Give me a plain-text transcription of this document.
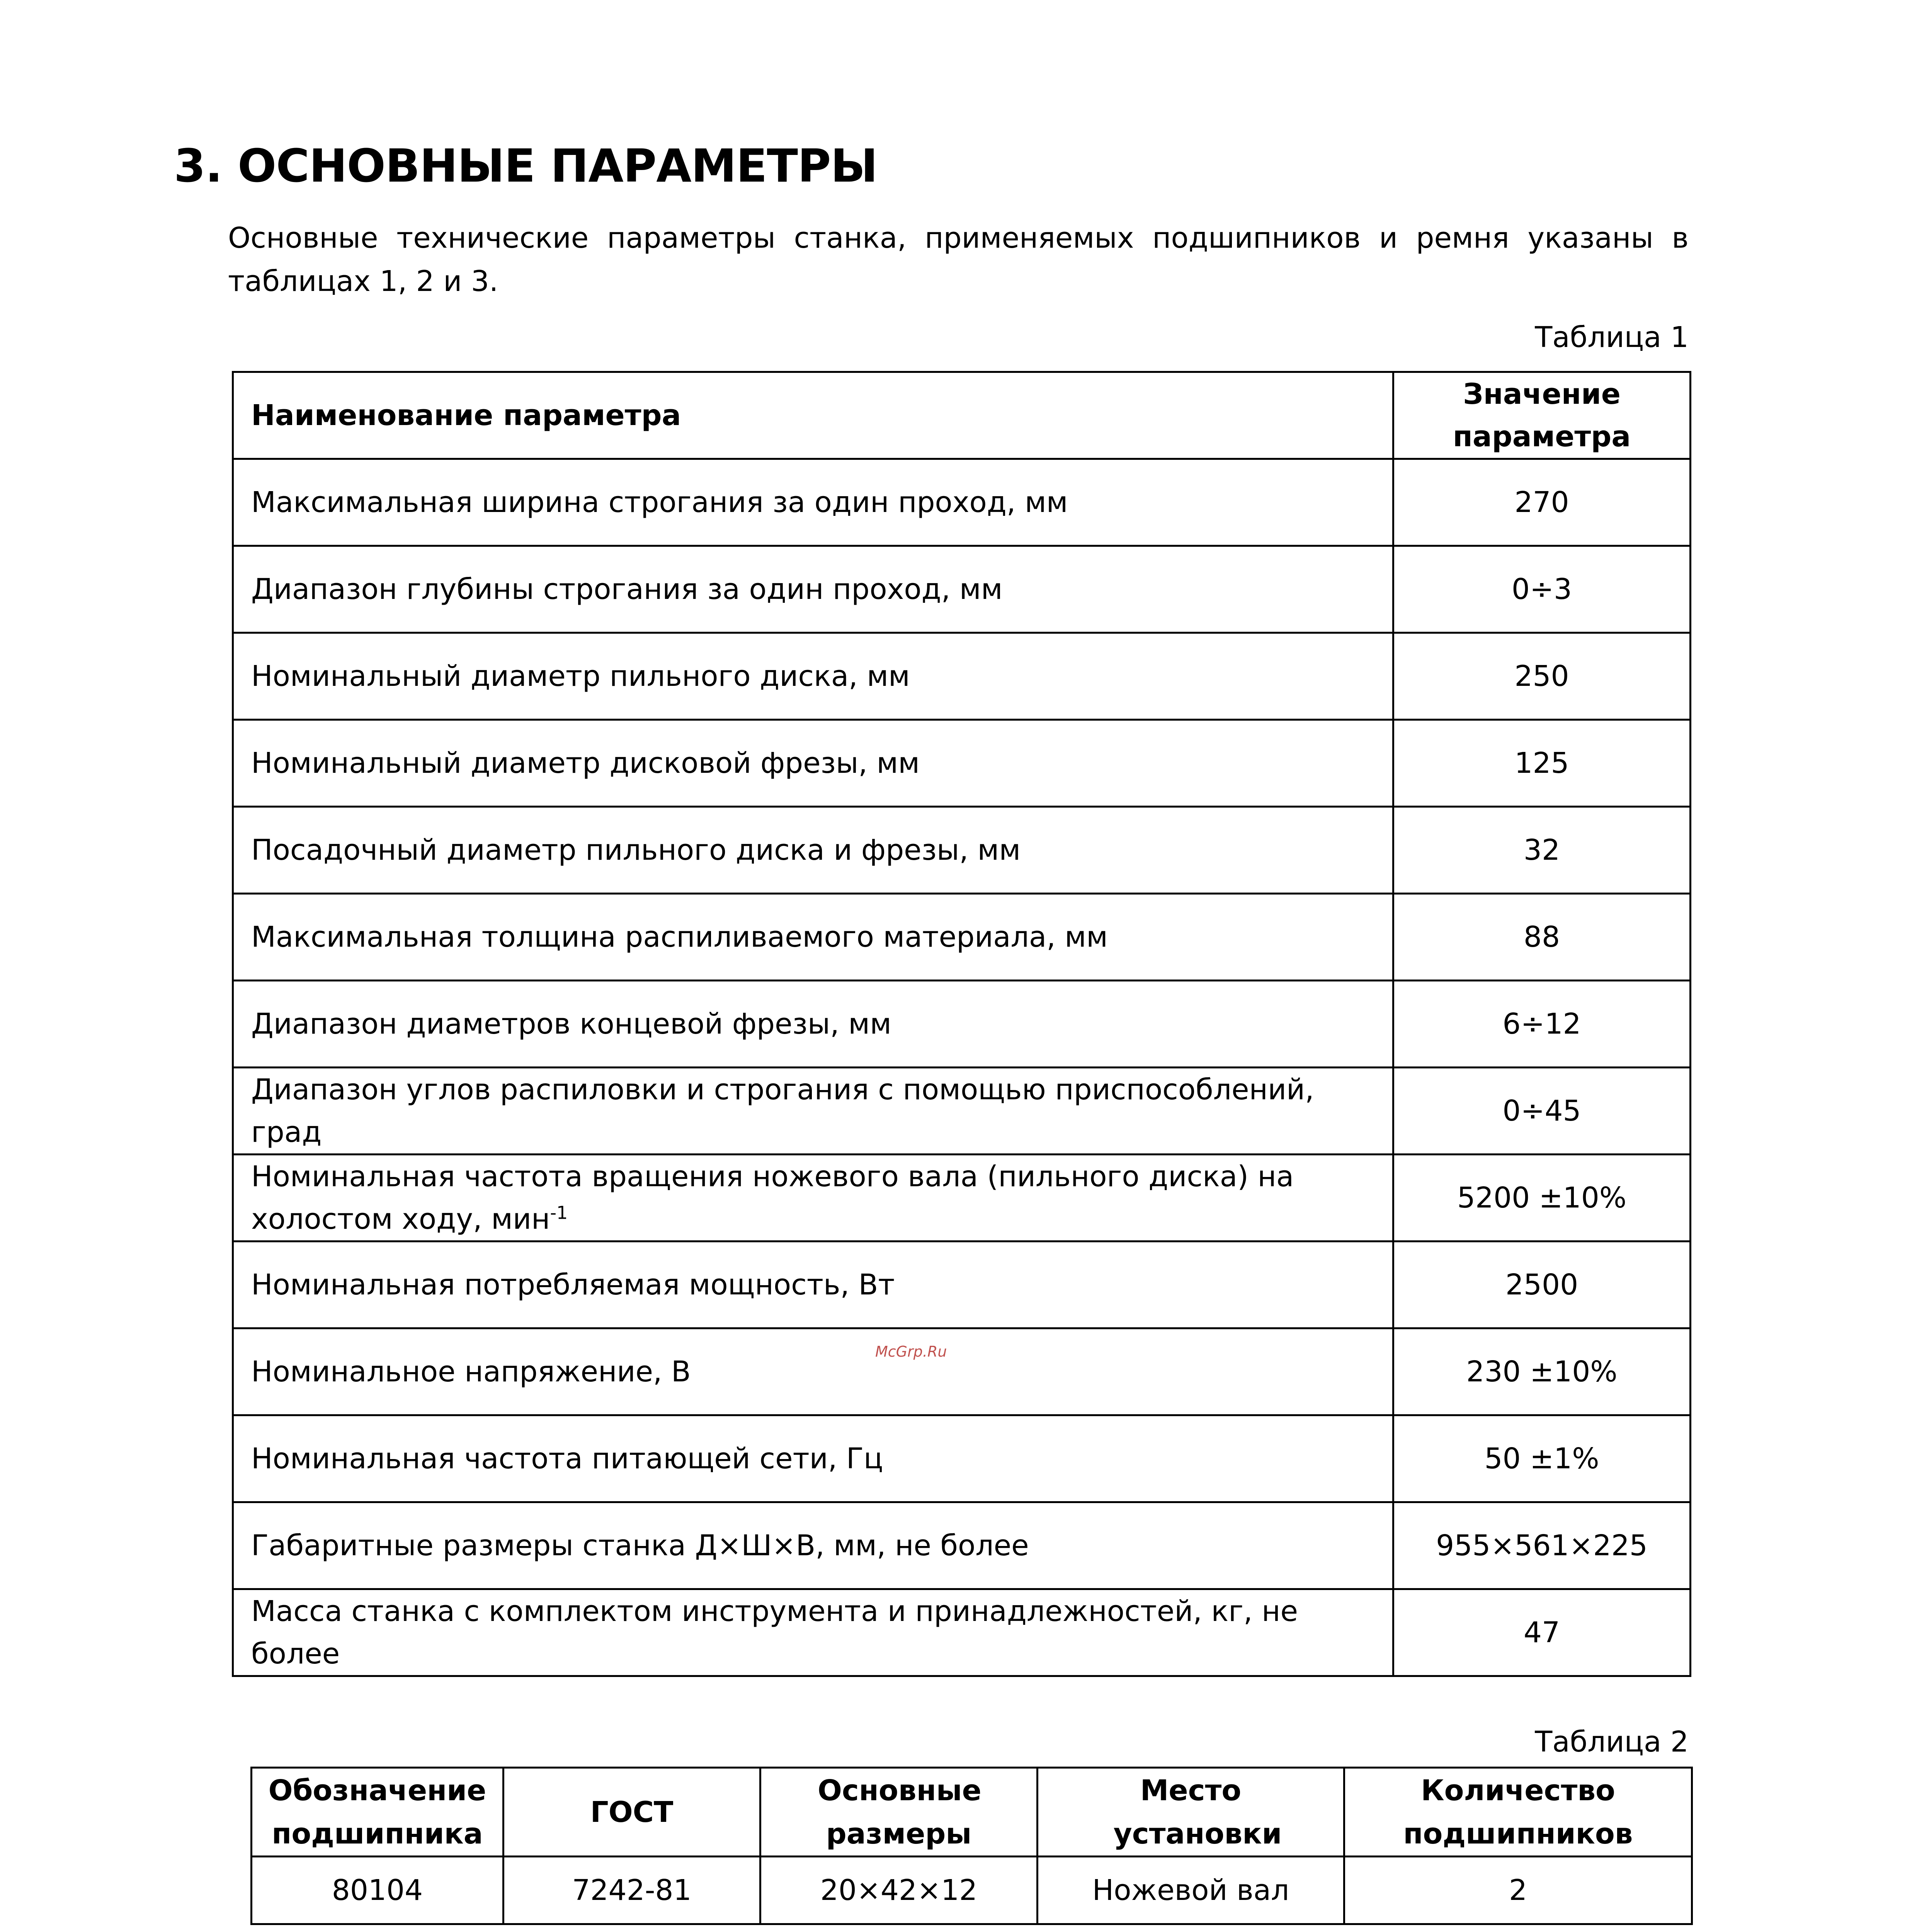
3. ОСНОВНЫЕ ПАРАМЕТРЫ
Основные технические параметры станка, применяемых подшипников и ремня указаны в таблицах 1, 2 и 3.
Таблица 1
Наименование параметра	Значение параметра
Максимальная ширина строгания за один проход, мм	270
Диапазон глубины строгания за один проход, мм	0÷3
Номинальный диаметр пильного диска, мм	250
Номинальный диаметр дисковой фрезы, мм	125
Посадочный диаметр пильного диска и фрезы, мм	32
Максимальная толщина распиливаемого материала, мм	88
Диапазон диаметров концевой фрезы, мм	6÷12
Диапазон углов распиловки и строгания с помощью приспособлений, град	0÷45
Номинальная частота вращения ножевого вала (пильного диска) на холостом ходу, мин$^{-1}$	5200 ±10%
Номинальная потребляемая мощность, Вт	2500
Номинальное напряжение, В	230 ±10%
Номинальная частота питающей сети, Гц	50 ±1%
Габаритные размеры станка Д×Ш×В, мм, не более	955×561×225
Масса станка с комплектом инструмента и принадлежностей, кг, не более	47
McGrp.Ru
Таблица 2
Обозначение подшипника	ГОСТ	Основные размеры	Место установки	Количество подшипников
80104	7242-81	20×42×12	Ножевой вал	2
